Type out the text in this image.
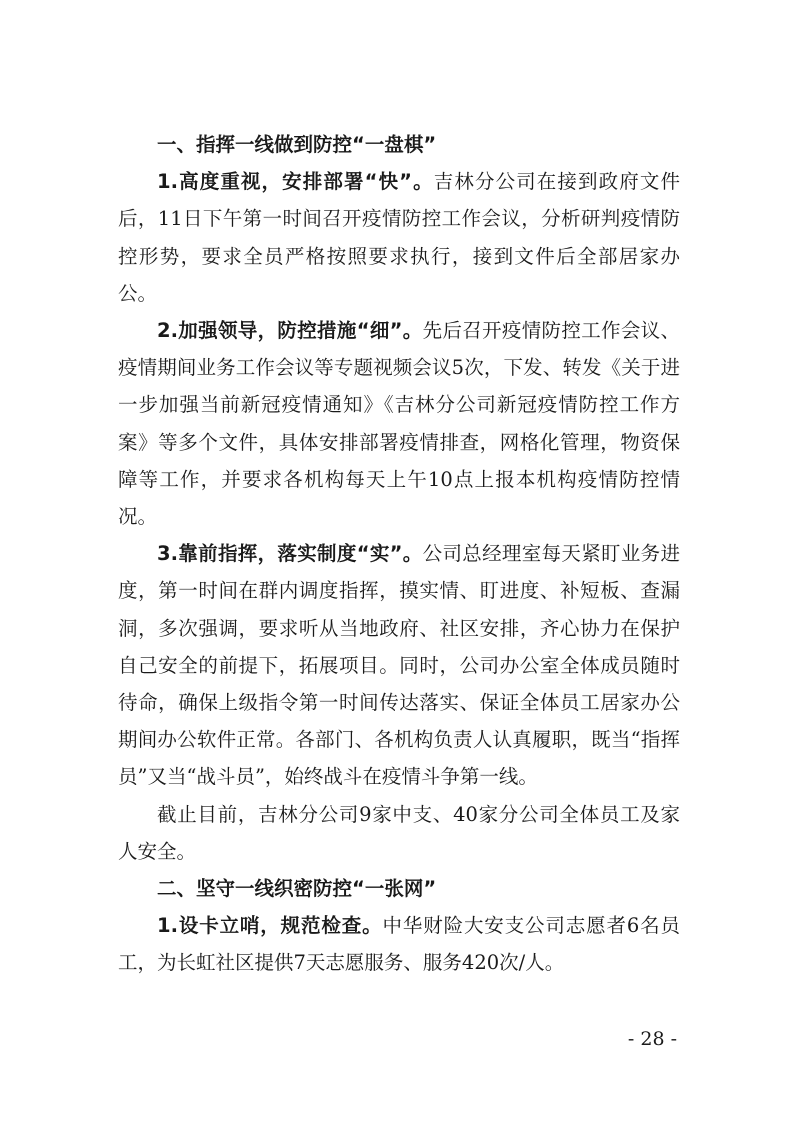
一、指挥一线做到防控“一盘棋”

1.高度重视，安排部署“快”。吉林分公司在接到政府文件后，11日下午第一时间召开疫情防控工作会议，分析研判疫情防控形势，要求全员严格按照要求执行，接到文件后全部居家办公。

2.加强领导，防控措施“细”。先后召开疫情防控工作会议、疫情期间业务工作会议等专题视频会议5次，下发、转发《关于进一步加强当前新冠疫情通知》《吉林分公司新冠疫情防控工作方案》等多个文件，具体安排部署疫情排查，网格化管理，物资保障等工作，并要求各机构每天上午10点上报本机构疫情防控情况。

3.靠前指挥，落实制度“实”。公司总经理室每天紧盯业务进度，第一时间在群内调度指挥，摸实情、盯进度、补短板、查漏洞，多次强调，要求听从当地政府、社区安排，齐心协力在保护自己安全的前提下，拓展项目。同时，公司办公室全体成员随时待命，确保上级指令第一时间传达落实、保证全体员工居家办公期间办公软件正常。各部门、各机构负责人认真履职，既当“指挥员”又当“战斗员”，始终战斗在疫情斗争第一线。

截止目前，吉林分公司9家中支、40家分公司全体员工及家人安全。

二、坚守一线织密防控“一张网”

1.设卡立哨，规范检查。中华财险大安支公司志愿者6名员工，为长虹社区提供7天志愿服务、服务420次/人。

- 28 -
